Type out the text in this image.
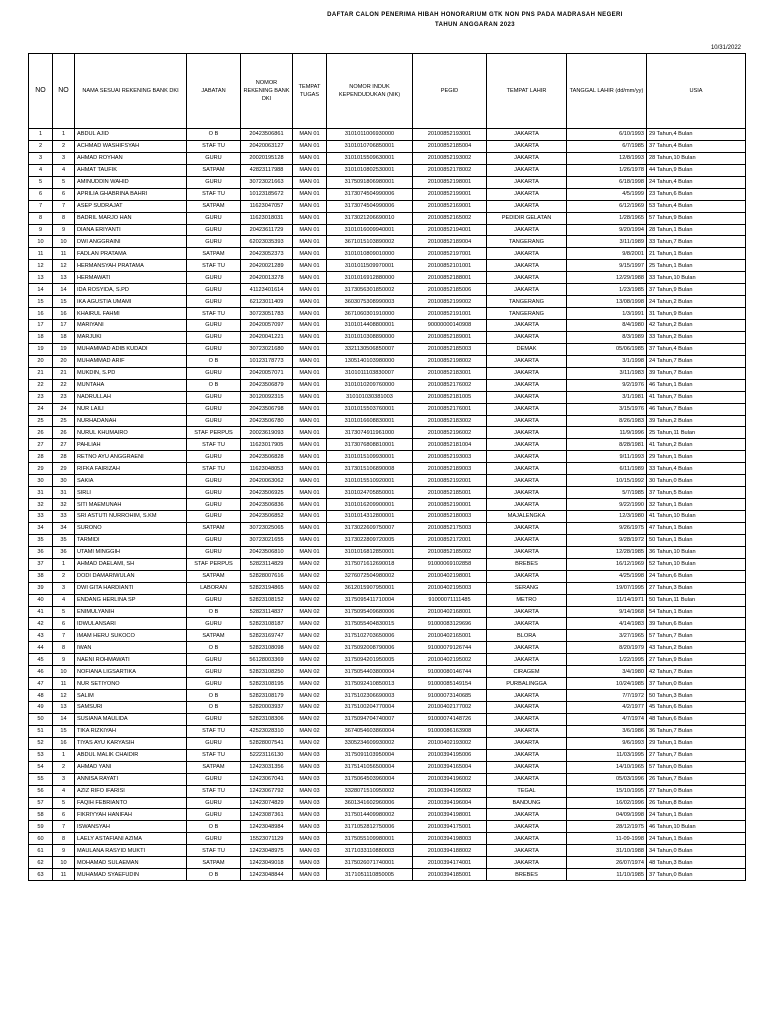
DAFTAR CALON PENERIMA HIBAH HONORARIUM GTK NON PNS PADA MADRASAH NEGERI
TAHUN ANGGARAN 2023
10/31/2022
NO	NO	NAMA SESUAI REKENING BANK DKI	JABATAN	NOMOR REKENING BANK DKI	TEMPAT TUGAS	NOMOR INDUK KEPENDUDUKAN (NIK)	PEGID	TEMPAT LAHIR	TANGGAL LAHIR (dd/mm/yy)	USIA
1	1	ABDUL AJID	O B	20423506861	MAN 01	3101011006930000	20100852193001	JAKARTA	6/10/1993	29 Tahun,4 Bulan
2	2	ACHMAD WASHIFSYAH	STAF TU	20420063127	MAN 01	3101010706850001	20100852185004	JAKARTA	6/7/1985	37 Tahun,4 Bulan
3	3	AHMAD ROYHAN	GURU	20020195128	MAN 01	3101015509630001	20100852193002	JAKARTA	12/8/1993	28 Tahun,10 Bulan
4	4	AHMAT TAUFIK	SATPAM	42823117988	MAN 01	3101010802530001	20100852178002	JAKARTA	1/26/1978	44 Tahun,9 Bulan
5	5	AMINUDDIN WAHID	GURU	30723021663	MAN 01	3175091806980001	20100852198001	JAKARTA	6/18/1998	24 Tahun,4 Bulan
6	6	APRILIA GHABRINA BAHRI	STAF TU	10123185672	MAN 01	3173074504990006	20100852199001	JAKARTA	4/5/1999	23 Tahun,6 Bulan
7	7	ASEP SUDRAJAT	SATPAM	11623047057	MAN 01	3173074504990006	20100852169001	JAKARTA	6/12/1969	53 Tahun,4 Bulan
8	8	BADRIL MARJO HAN	GURU	11623018031	MAN 01	3173021206690010	20100852165002	PEDIDIR GELATAN	1/28/1965	57 Tahun,9 Bulan
9	9	DIANA ERIYANTI	GURU	20423611729	MAN 01	3101016009940001	20100852194001	JAKARTA	9/20/1994	28 Tahun,1 Bulan
10	10	DWI ANGGRAINI	GURU	62023035393	MAN 01	3671015103890002	20100852189004	TANGERANG	3/11/1989	33 Tahun,7 Bulan
11	11	FADLAN PRATAMA	SATPAM	20423052373	MAN 01	3101010809010000	20100852197001	JAKARTA	9/8/2001	21 Tahun,1 Bulan
12	12	HERMANSYAH PRATAMA	STAF TU	20420021289	MAN 01	3101011509970001	20100852101001	JAKARTA	9/15/1997	25 Tahun,1 Bulan
13	13	HERMAWATI	GURU	20420013278	MAN 01	3101016912880000	20100852188001	JAKARTA	12/29/1988	33 Tahun,10 Bulan
14	14	IDA ROSYIDA, S.PD	GURU	41123401614	MAN 01	3173056301850002	20100852185006	JAKARTA	1/23/1985	37 Tahun,9 Bulan
15	15	IKA AGUSTIA UMAMI	GURU	62123011409	MAN 01	3603075308990003	20100852199002	TANGERANG	13/08/1998	24 Tahun,2 Bulan
16	16	KHAIRUL FAHMI	STAF TU	30723051783	MAN 01	3671060301910000	20100852191001	TANGERANG	1/3/1991	31 Tahun,9 Bulan
17	17	MARIYANI	GURU	20420057097	MAN 01	3101014408800001	90000000140908	JAKARTA	8/4/1980	42 Tahun,2 Bulan
18	18	MARJUKI	GURU	20420041221	MAN 01	3101010308890000	20100852189001	JAKARTA	8/3/1989	33 Tahun,2 Bulan
19	19	MUHAMMAD ADIB KUDADI	GURU	30723021680	MAN 01	3321130506850007	20100852185003	DEMAK	05/06/1985	37 Tahun,4 Bulan
20	20	MUHAMMAD ARIF	O B	10123178773	MAN 01	1305140103980000	20100852198002	JAKARTA	3/1/1998	24 Tahun,7 Bulan
21	21	MUKDIN, S.PD	GURU	20420057071	MAN 01	3101011103830007	20100852183001	JAKARTA	3/11/1983	39 Tahun,7 Bulan
22	22	MUNTAHA	O B	20423506879	MAN 01	3101010209760000	20100852176002	JAKARTA	9/2/1976	46 Tahun,1 Bulan
23	23	NADRULLAH	GURU	30120092315	MAN 01	310101030381003	20100852181005	JAKARTA	3/1/1981	41 Tahun,7 Bulan
24	24	NUR LAILI	GURU	20423506798	MAN 01	3101015503760001	20100852176001	JAKARTA	3/15/1976	46 Tahun,7 Bulan
25	25	NURHADANAH	GURU	20423506780	MAN 01	3101016608830001	20100852183002	JAKARTA	8/26/1983	39 Tahun,2 Bulan
26	26	NURUL KHUMAIRO	STAF PERPUS	20023619093	MAN 01	3173074911961000	20100852196002	JAKARTA	11/9/1996	25 Tahun,11 Bulan
27	27	PAHLIAH	STAF TU	11623017905	MAN 01	3173076808810001	20100852181004	JAKARTA	8/28/1981	41 Tahun,2 Bulan
28	28	RETNO AYU ANGGRAENI	GURU	20423506828	MAN 01	3101015109930001	20100852193003	JAKARTA	9/11/1993	29 Tahun,1 Bulan
29	29	RIFKA FAIRIZAH	STAF TU	11623048053	MAN 01	3173015106890008	20100852189003	JAKARTA	6/11/1989	33 Tahun,4 Bulan
30	30	SAKIA	GURU	20420063062	MAN 01	3101015510920001	20100852192001	JAKARTA	10/15/1992	30 Tahun,0 Bulan
31	31	SIRLI	GURU	20423506925	MAN 01	3101024705850001	20100852185001	JAKARTA	5/7/1985	37 Tahun,5 Bulan
32	32	SITI MAEMUNAH	GURU	20423506836	MAN 01	3101016209900001	20100852190001	JAKARTA	9/22/1990	32 Tahun,1 Bulan
33	33	SRI ASTUTI NURROHIM, S.KM	GURU	20423506852	MAN 01	3101014312800001	20100852180003	MAJALENGKA	12/3/1980	41 Tahun,10 Bulan
34	34	SURONO	SATPAM	30723025065	MAN 01	3173022609750007	20100852175003	JAKARTA	9/26/1975	47 Tahun,1 Bulan
35	35	TARMIDI	GURU	30723021655	MAN 01	3173022809720005	20100852172001	JAKARTA	9/28/1972	50 Tahun,1 Bulan
36	36	UTAMI MINGGIH	GURU	20423506810	MAN 01	3101016812850001	20100852185002	JAKARTA	12/28/1985	36 Tahun,10 Bulan
37	1	AHMAD DAELAMI, SH	STAF PERPUS	52823114829	MAN 02	3175071612690018	91000069102858	BREBES	16/12/1969	52 Tahun,10 Bulan
38	2	DODI DAMARIWULAN	SATPAM	52828007616	MAN 02	3276072504980002	20100402198001	JAKARTA	4/25/1998	24 Tahun,6 Bulan
39	3	DWI GITA HARDIANTI	LABORAN	52823194865	MAN 02	3612015907950001	20100402195003	SERANG	19/07/1995	27 Tahun,3 Bulan
40	4	ENDANG HERLINA SP	GURU	52823108152	MAN 02	3175095411710004	91000071111485	METRO	11/14/1971	50 Tahun,11 Bulan
41	5	ENIMULYANIH	O B	52823114837	MAN 02	3175095409680006	20100402168001	JAKARTA	9/14/1968	54 Tahun,1 Bulan
42	6	IDWULANSARI	GURU	52823108187	MAN 02	3175055404830015	91000083129696	JAKARTA	4/14/1983	39 Tahun,6 Bulan
43	7	IMAM HERU SUKOCO	SATPAM	52823169747	MAN 02	3175102703650006	20100402165001	BLORA	3/27/1965	57 Tahun,7 Bulan
44	8	IWAN	O B	52823108098	MAN 02	3175092008790006	91000079126744	JAKARTA	8/20/1979	43 Tahun,2 Bulan
45	9	NAENI ROHMAWATI	GURU	56128003369	MAN 02	3175094201950005	20100402195002	JAKARTA	1/22/1995	27 Tahun,9 Bulan
46	10	NOFIANA LIGSARTIKA	GURU	52823108250	MAN 02	3175054403800004	91000080146744	CIRAGEM	3/4/1980	42 Tahun,7 Bulan
47	11	NUR SETIYONO	GURU	52823108195	MAN 02	3175092410850013	91000085149154	PURBALINGGA	10/24/1985	37 Tahun,0 Bulan
48	12	SALIM	O B	52823108179	MAN 02	3175102306690003	91000073140685	JAKARTA	7/7/1972	50 Tahun,3 Bulan
49	13	SAMSURI	O B	52820003937	MAN 02	3175100204770004	20100402177002	JAKARTA	4/2/1977	45 Tahun,6 Bulan
50	14	SUSIANA MAULIDA	GURU	52823108306	MAN 02	3175094704740007	91000074148726	JAKARTA	4/7/1974	48 Tahun,6 Bulan
51	15	TIKA RIZKIYAH	STAF TU	42523028310	MAN 02	3674054603860004	91000086163908	JAKARTA	3/6/1986	36 Tahun,7 Bulan
52	16	TIYAS AYU KARYASIH	GURU	52828007541	MAN 02	3305234609930002	20100402193002	JAKARTA	9/6/1993	29 Tahun,1 Bulan
53	1	ABDUL MALIK CHAIDIR	STAF TU	52223116130	MAN 03	3175091103950004	20100394195006	JAKARTA	11/03/1995	27 Tahun,7 Bulan
54	2	AHMAD YANI	SATPAM	12423031356	MAN 03	3175141056500004	20100394165004	JAKARTA	14/10/1965	57 Tahun,0 Bulan
55	3	ANNISA RAYATI	GURU	12423067041	MAN 03	3175064503960004	20100394196002	JAKARTA	05/03/1996	26 Tahun,7 Bulan
56	4	AZIZ RIFO IFARISI	STAF TU	12423067792	MAN 03	3328071510950002	20100394195002	TEGAL	15/10/1995	27 Tahun,0 Bulan
57	5	FAQIH FEBRIANTO	GURU	12423074829	MAN 03	3601341602960006	20100394196004	BANDUNG	16/02/1996	26 Tahun,8 Bulan
58	6	FIKRIYYAH HANIFAH	GURU	12423087361	MAN 03	3175014409980002	20100394198001	JAKARTA	04/09/1998	24 Tahun,1 Bulan
59	7	ISWANSYAH	O B	12423048984	MAN 03	3171052812750006	20100394175001	JAKARTA	28/12/1975	46 Tahun,10 Bulan
60	8	LAELY ASTAFIANI AZIMA	GURU	15523071129	MAN 03	3175055109980001	20100394198003	JAKARTA	11-09-1998	24 Tahun,1 Bulan
61	9	MAULANA RASYID MUKTI	STAF TU	12423048975	MAN 03	3171033110880003	20100394188002	JAKARTA	31/10/1988	34 Tahun,0 Bulan
62	10	MOHAMAD SULAEMAN	SATPAM	12423049018	MAN 03	3175026071740001	20100394174001	JAKARTA	26/07/1974	48 Tahun,3 Bulan
63	11	MUHAMAD SYAEFUDIN	O B	12423048844	MAN 03	3171051110850005	20100394185001	BREBES	11/10/1985	37 Tahun,0 Bulan
